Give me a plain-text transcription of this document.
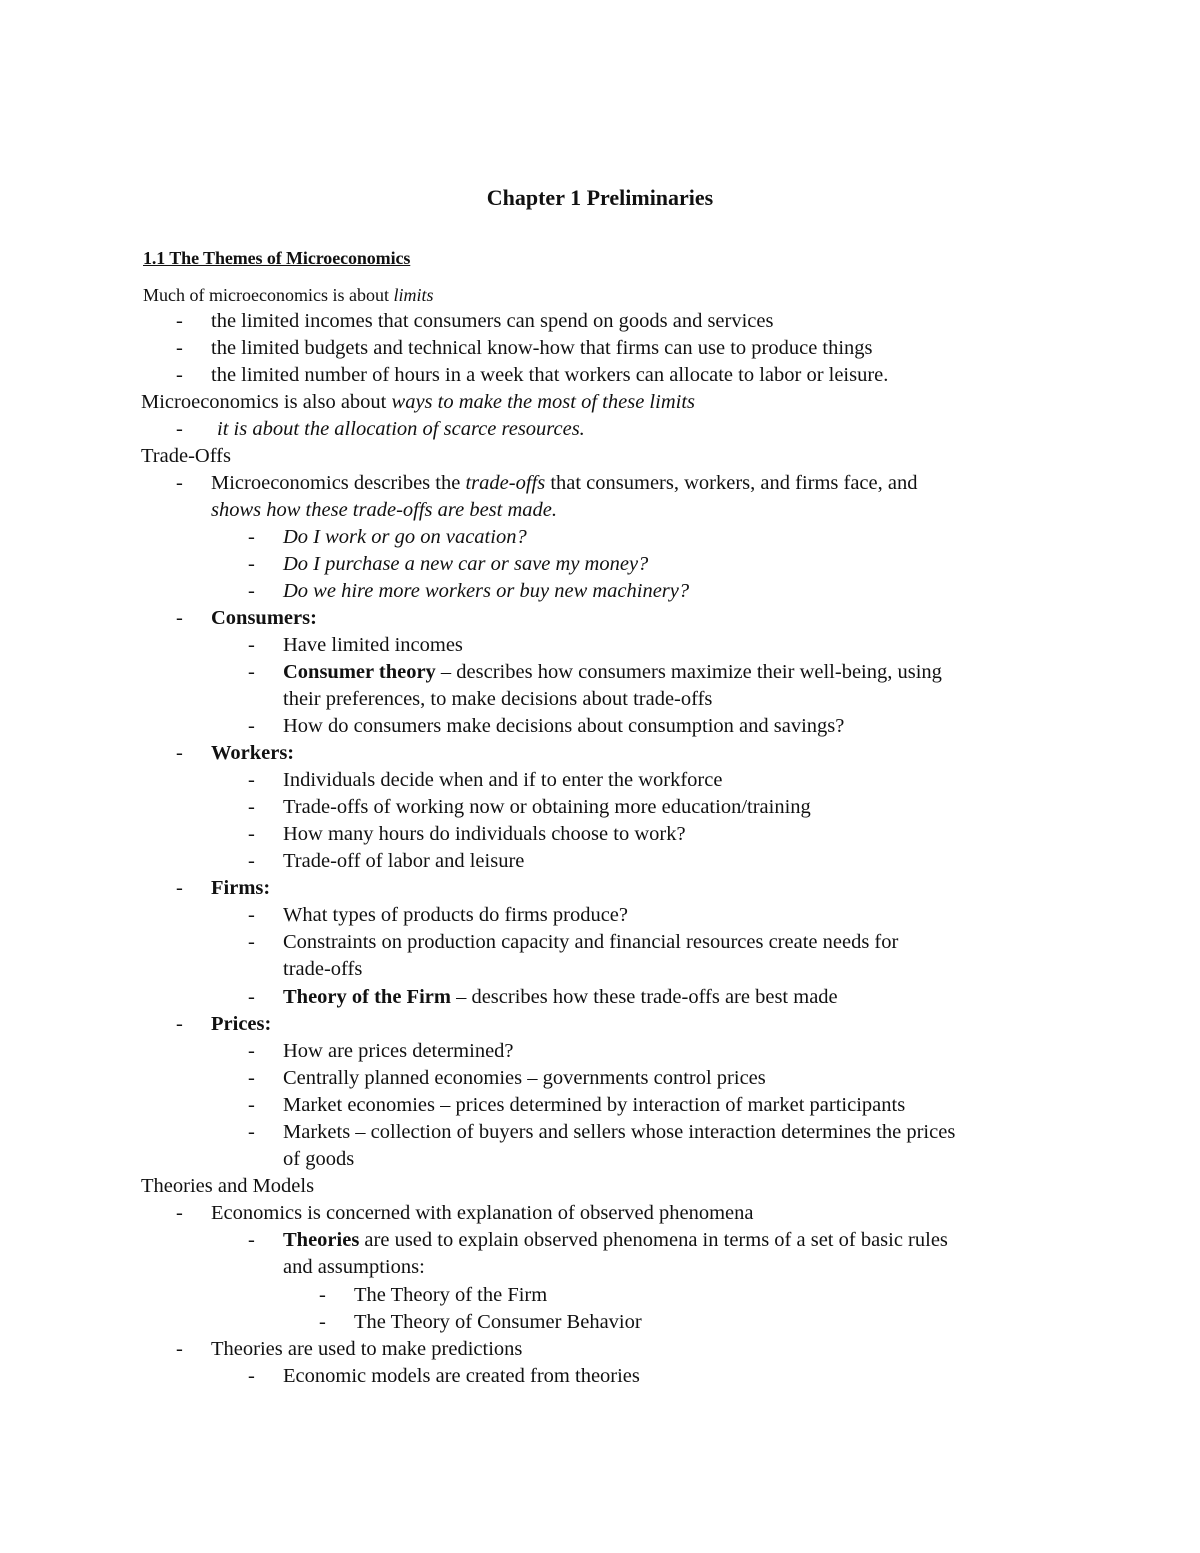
Chapter 1 Preliminaries
1.1 The Themes of Microeconomics
Much of microeconomics is about limits
- the limited incomes that consumers can spend on goods and services
- the limited budgets and technical know-how that firms can use to produce things
- the limited number of hours in a week that workers can allocate to labor or leisure.
Microeconomics is also about ways to make the most of these limits
- it is about the allocation of scarce resources.
Trade-Offs
- Microeconomics describes the trade-offs that consumers, workers, and firms face, and
shows how these trade-offs are best made.
- Do I work or go on vacation?
- Do I purchase a new car or save my money?
- Do we hire more workers or buy new machinery?
- Consumers:
- Have limited incomes
- Consumer theory – describes how consumers maximize their well-being, using
their preferences, to make decisions about trade-offs
- How do consumers make decisions about consumption and savings?
- Workers:
- Individuals decide when and if to enter the workforce
- Trade-offs of working now or obtaining more education/training
- How many hours do individuals choose to work?
- Trade-off of labor and leisure
- Firms:
- What types of products do firms produce?
- Constraints on production capacity and financial resources create needs for
trade-offs
- Theory of the Firm – describes how these trade-offs are best made
- Prices:
- How are prices determined?
- Centrally planned economies – governments control prices
- Market economies – prices determined by interaction of market participants
- Markets – collection of buyers and sellers whose interaction determines the prices
of goods
Theories and Models
- Economics is concerned with explanation of observed phenomena
- Theories are used to explain observed phenomena in terms of a set of basic rules
and assumptions:
- The Theory of the Firm
- The Theory of Consumer Behavior
- Theories are used to make predictions
- Economic models are created from theories
